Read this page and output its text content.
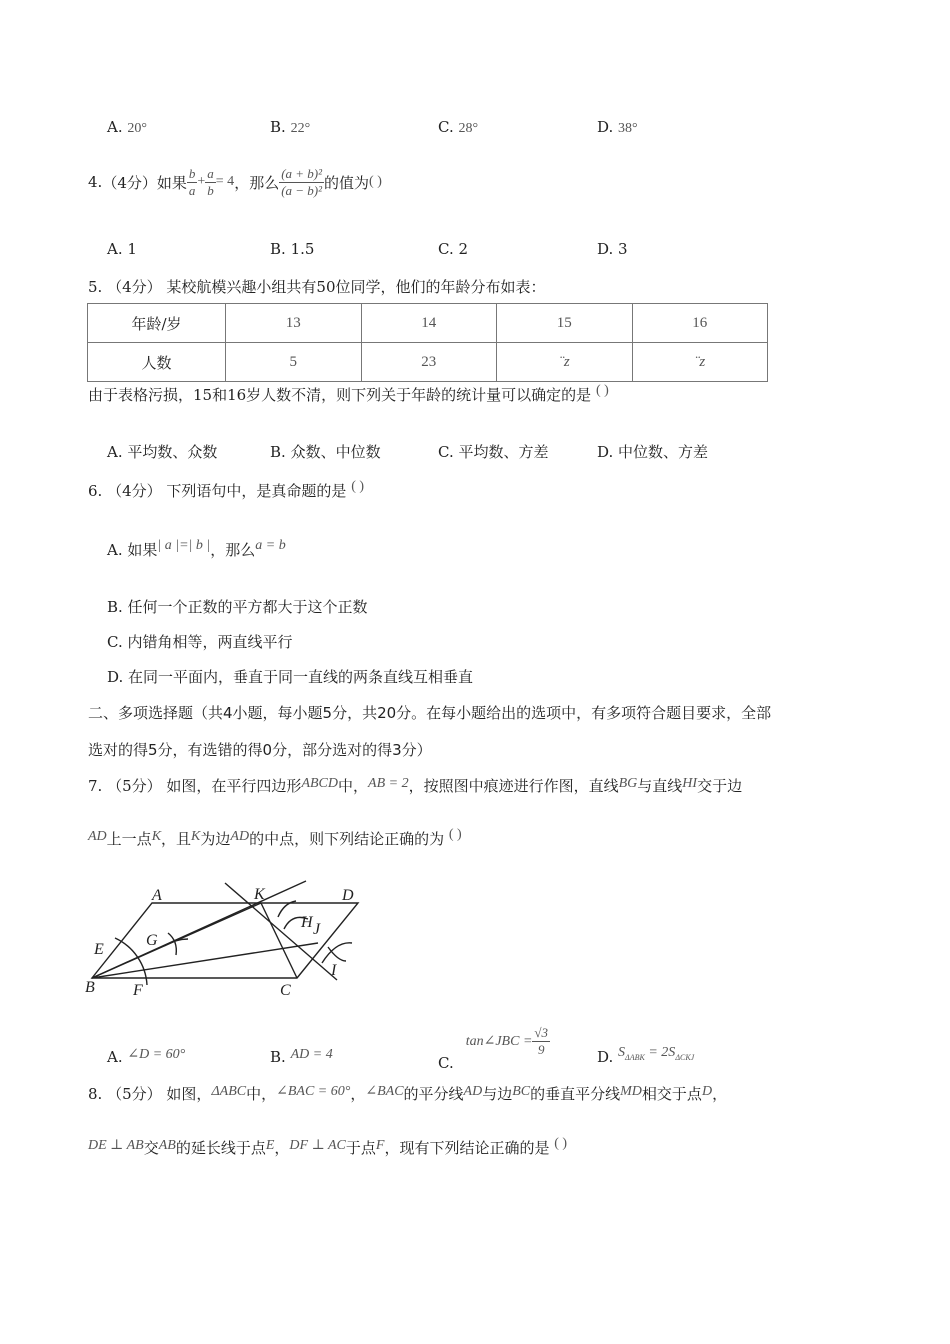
A. 20°	B. 22°	C. 28°	D. 38°
4. （4分） 如果 $\frac{b}{a} + \frac{a}{b} = 4$ ，那么 $\frac{\text{(a + b)²}}{\text{(a − b)²}}$ 的值为 ( )
A. 1	B. 1.5	C. 2	D. 3
5. （4分） 某校航模兴趣小组共有50位同学，他们的年龄分布如表：
年龄/岁	13	14	15	16
人数	5	23	¨z	¨z
由于表格污损，15和16岁人数不清，则下列关于年龄的统计量可以确定的是 ( )
A. 平均数、众数	B. 众数、中位数	C. 平均数、方差	D. 中位数、方差
6. （4分） 下列语句中，是真命题的是 ( )
A. 如果| a |=| b |，那么a = b
B. 任何一个正数的平方都大于这个正数
C. 内错角相等，两直线平行
D. 在同一平面内，垂直于同一直线的两条直线互相垂直
二、多项选择题（共4小题，每小题5分，共20分。在每小题给出的选项中，有多项符合题目要求，全部
选对的得5分，有选错的得0分，部分选对的得3分）
7. （5分） 如图，在平行四边形ABCD中，AB = 2，按照图中痕迹进行作图，直线BG与直线HI交于边
AD上一点K，且K为边AD的中点，则下列结论正确的为 ( )
A	K	D
E
G
H J
I
B F	C
A. ∠D = 60°	B. AD = 4	C.
tan∠JBC = $\frac{√3}{9}$	D. $S_{\Delta ABK} = 2S_{\Delta CKJ}$
8. （5分） 如图，ΔABC中，∠BAC = 60°，∠BAC的平分线AD与边BC的垂直平分线MD相交于点D，
DE ⊥ AB交AB的延长线于点E，DF ⊥ AC于点F，现有下列结论正确的是 ( )
